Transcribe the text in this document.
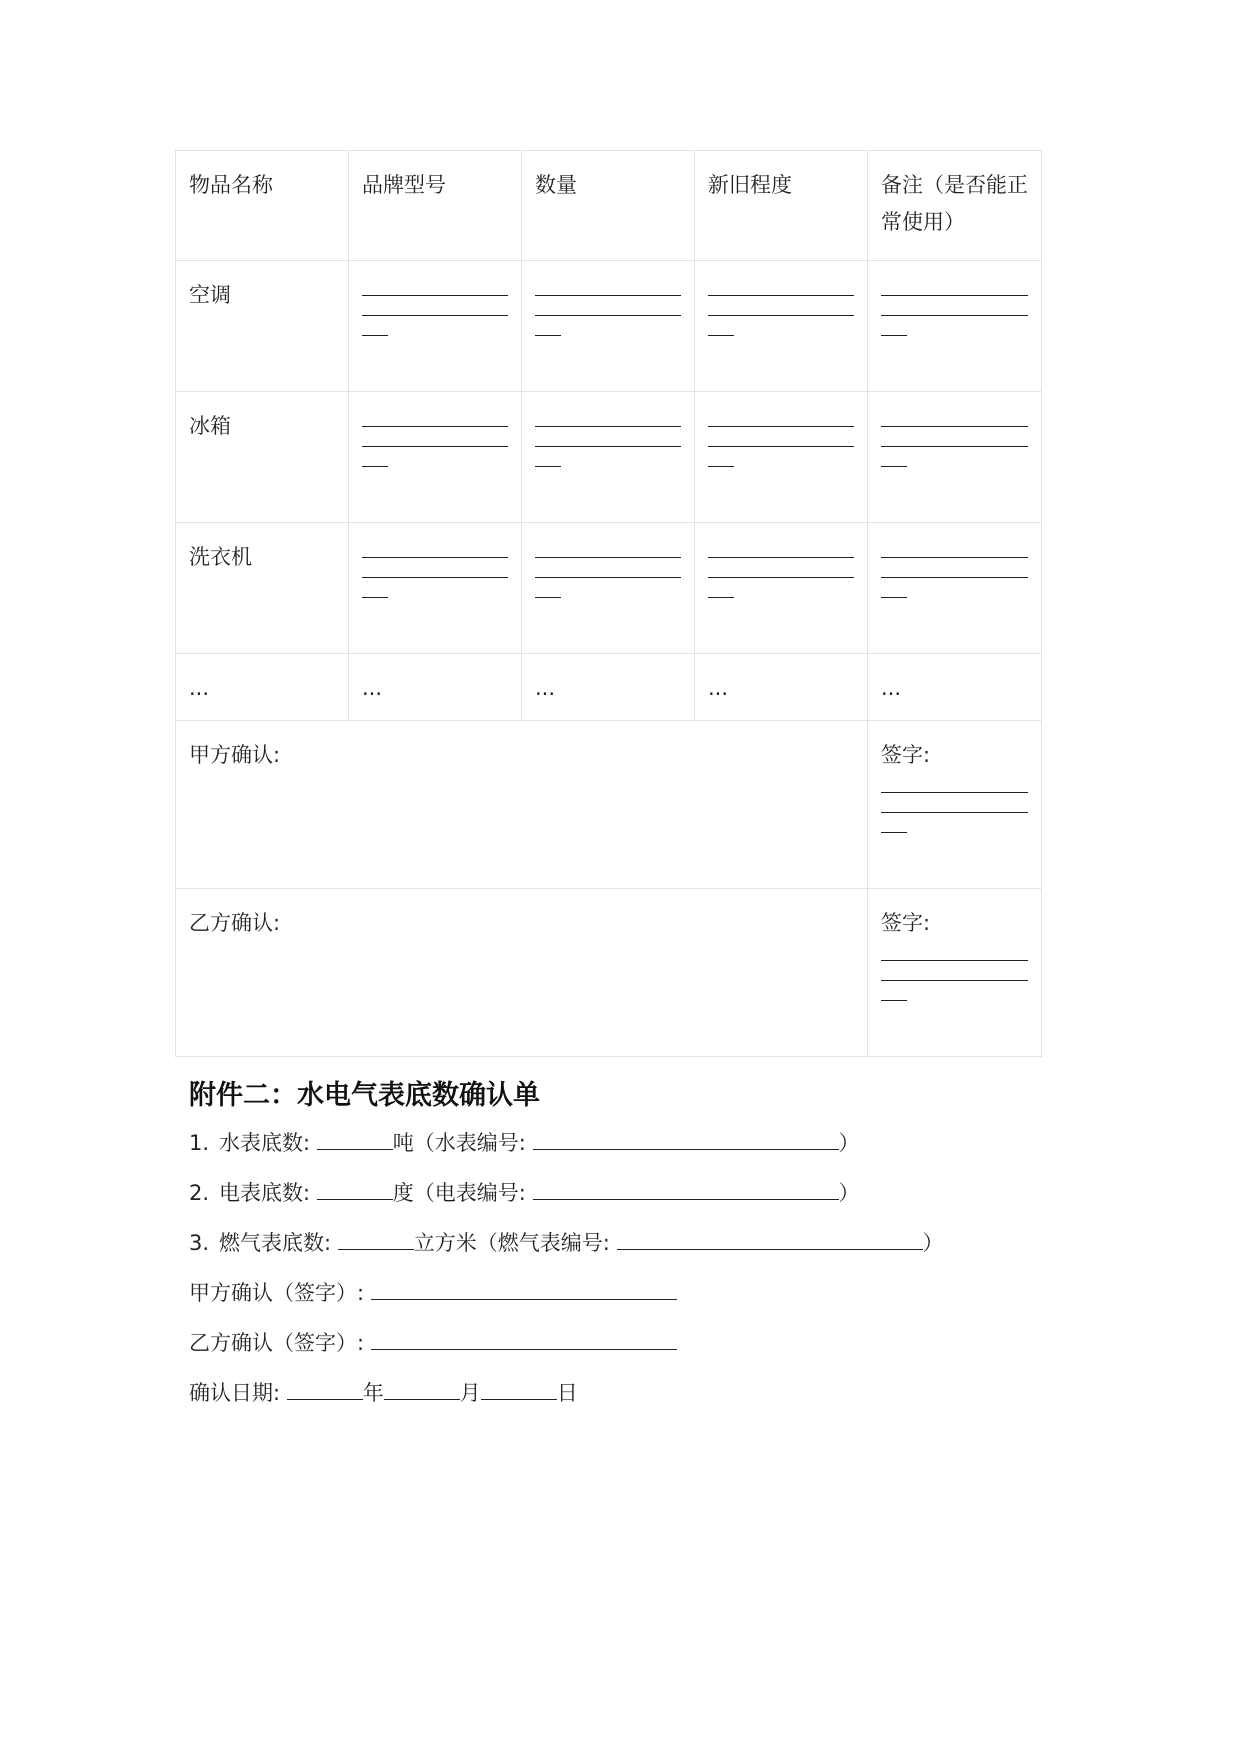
物品名称	品牌型号	数量	新旧程度	备注（是否能正常使用）
空调	

冰箱	

洗衣机	

...	...	...	...	...
甲方确认:				签字:

乙方确认:				签字:
附件二：水电气表底数确认单
1. 水表底数:	吨（水表编号:	）
2. 电表底数:	度（电表编号:	）
3. 燃气表底数:	立方米（燃气表编号:	）
甲方确认（签字）:
乙方确认（签字）:
确认日期:	年	月	日
